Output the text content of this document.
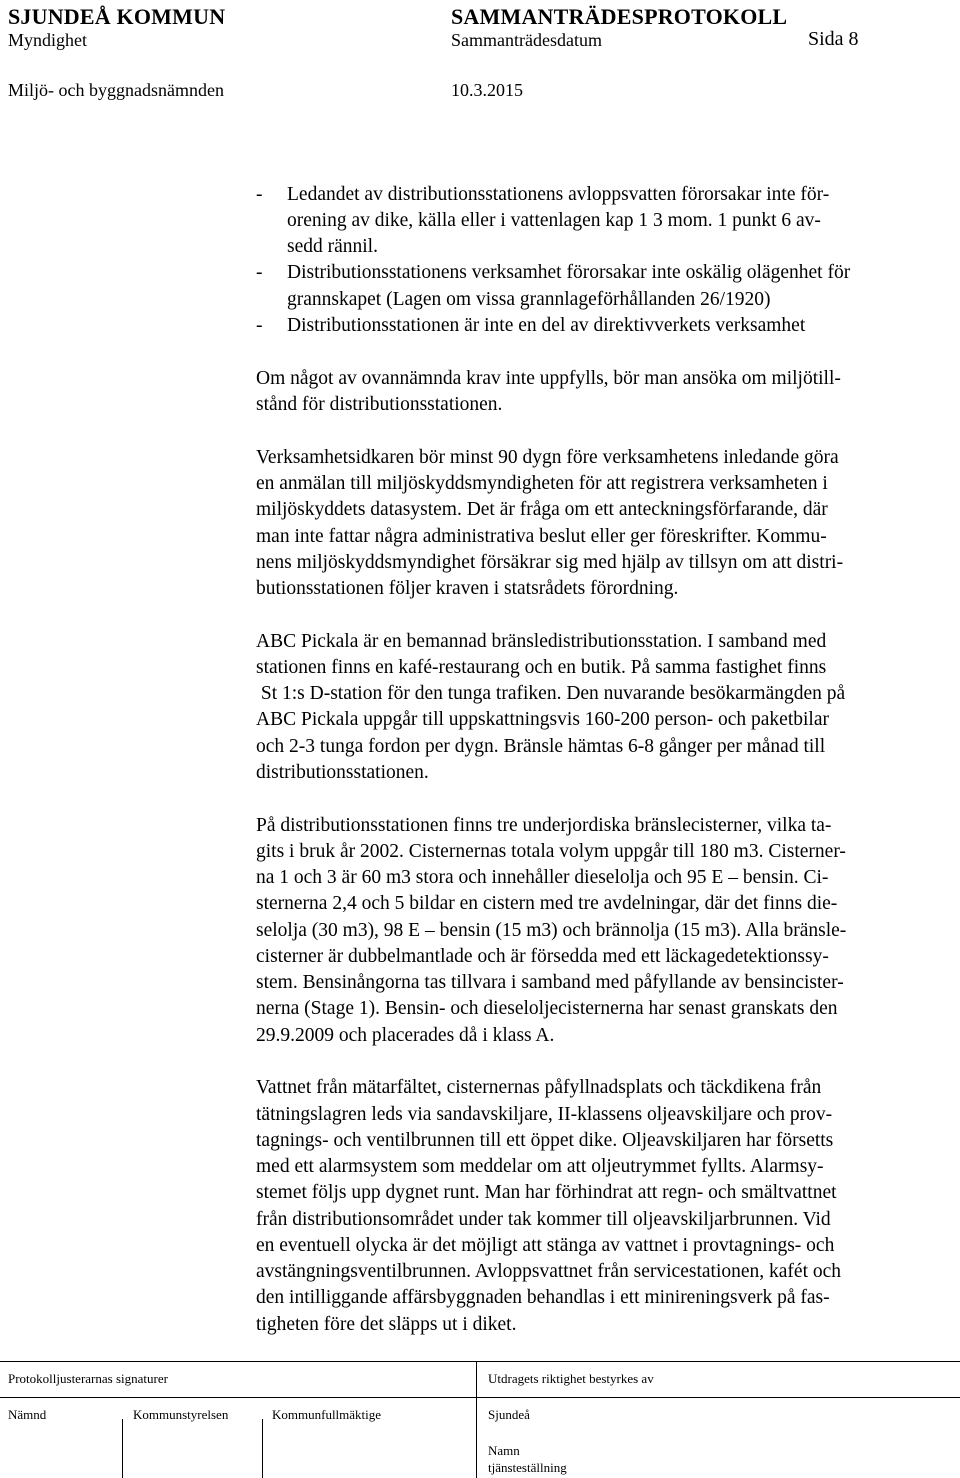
SJUNDEÅ KOMMUN	SAMMANTRÄDESPROTOKOLL
Myndighet	Sammanträdesdatum	Sida 8
Miljö- och byggnadsnämnden	10.3.2015
- Ledandet av distributionsstationens avloppsvatten förorsakar inte för-
orening av dike, källa eller i vattenlagen kap 1 3 mom. 1 punkt 6 av-
sedd rännil.
- Distributionsstationens verksamhet förorsakar inte oskälig olägenhet för
grannskapet (Lagen om vissa grannlageförhållanden 26/1920)
- Distributionsstationen är inte en del av direktivverkets verksamhet
Om något av ovannämnda krav inte uppfylls, bör man ansöka om miljötill-
stånd för distributionsstationen.
Verksamhetsidkaren bör minst 90 dygn före verksamhetens inledande göra
en anmälan till miljöskyddsmyndigheten för att registrera verksamheten i
miljöskyddets datasystem. Det är fråga om ett anteckningsförfarande, där
man inte fattar några administrativa beslut eller ger föreskrifter. Kommu-
nens miljöskyddsmyndighet försäkrar sig med hjälp av tillsyn om att distri-
butionsstationen följer kraven i statsrådets förordning.
ABC Pickala är en bemannad bränsledistributionsstation. I samband med
stationen finns en kafé-restaurang och en butik. På samma fastighet finns
St 1:s D-station för den tunga trafiken. Den nuvarande besökarmängden på
ABC Pickala uppgår till uppskattningsvis 160-200 person- och paketbilar
och 2-3 tunga fordon per dygn. Bränsle hämtas 6-8 gånger per månad till
distributionsstationen.
På distributionsstationen finns tre underjordiska bränslecisterner, vilka ta-
gits i bruk år 2002. Cisternernas totala volym uppgår till 180 m3. Cisterner-
na 1 och 3 är 60 m3 stora och innehåller dieselolja och 95 E – bensin. Ci-
sternerna 2,4 och 5 bildar en cistern med tre avdelningar, där det finns die-
selolja (30 m3), 98 E – bensin (15 m3) och brännolja (15 m3). Alla bränsle-
cisterner är dubbelmantlade och är försedda med ett läckagedetektionssy-
stem. Bensinångorna tas tillvara i samband med påfyllande av bensincister-
nerna (Stage 1). Bensin- och dieseloljecisternerna har senast granskats den
29.9.2009 och placerades då i klass A.
Vattnet från mätarfältet, cisternernas påfyllnadsplats och täckdikena från
tätningslagren leds via sandavskiljare, II-klassens oljeavskiljare och prov-
tagnings- och ventilbrunnen till ett öppet dike. Oljeavskiljaren har försetts
med ett alarmsystem som meddelar om att oljeutrymmet fyllts. Alarmsy-
stemet följs upp dygnet runt. Man har förhindrat att regn- och smältvattnet
från distributionsområdet under tak kommer till oljeavskiljarbrunnen. Vid
en eventuell olycka är det möjligt att stänga av vattnet i provtagnings- och
avstängningsventilbrunnen. Avloppsvattnet från servicestationen, kafét och
den intilliggande affärsbyggnaden behandlas i ett minireningsverk på fas-
tigheten före det släpps ut i diket.
Protokolljusterarnas signaturer	Utdragets riktighet bestyrkes av
Nämnd	Kommunstyrelsen	Kommunfullmäktige	Sjundeå
Namn
tjänsteställning
